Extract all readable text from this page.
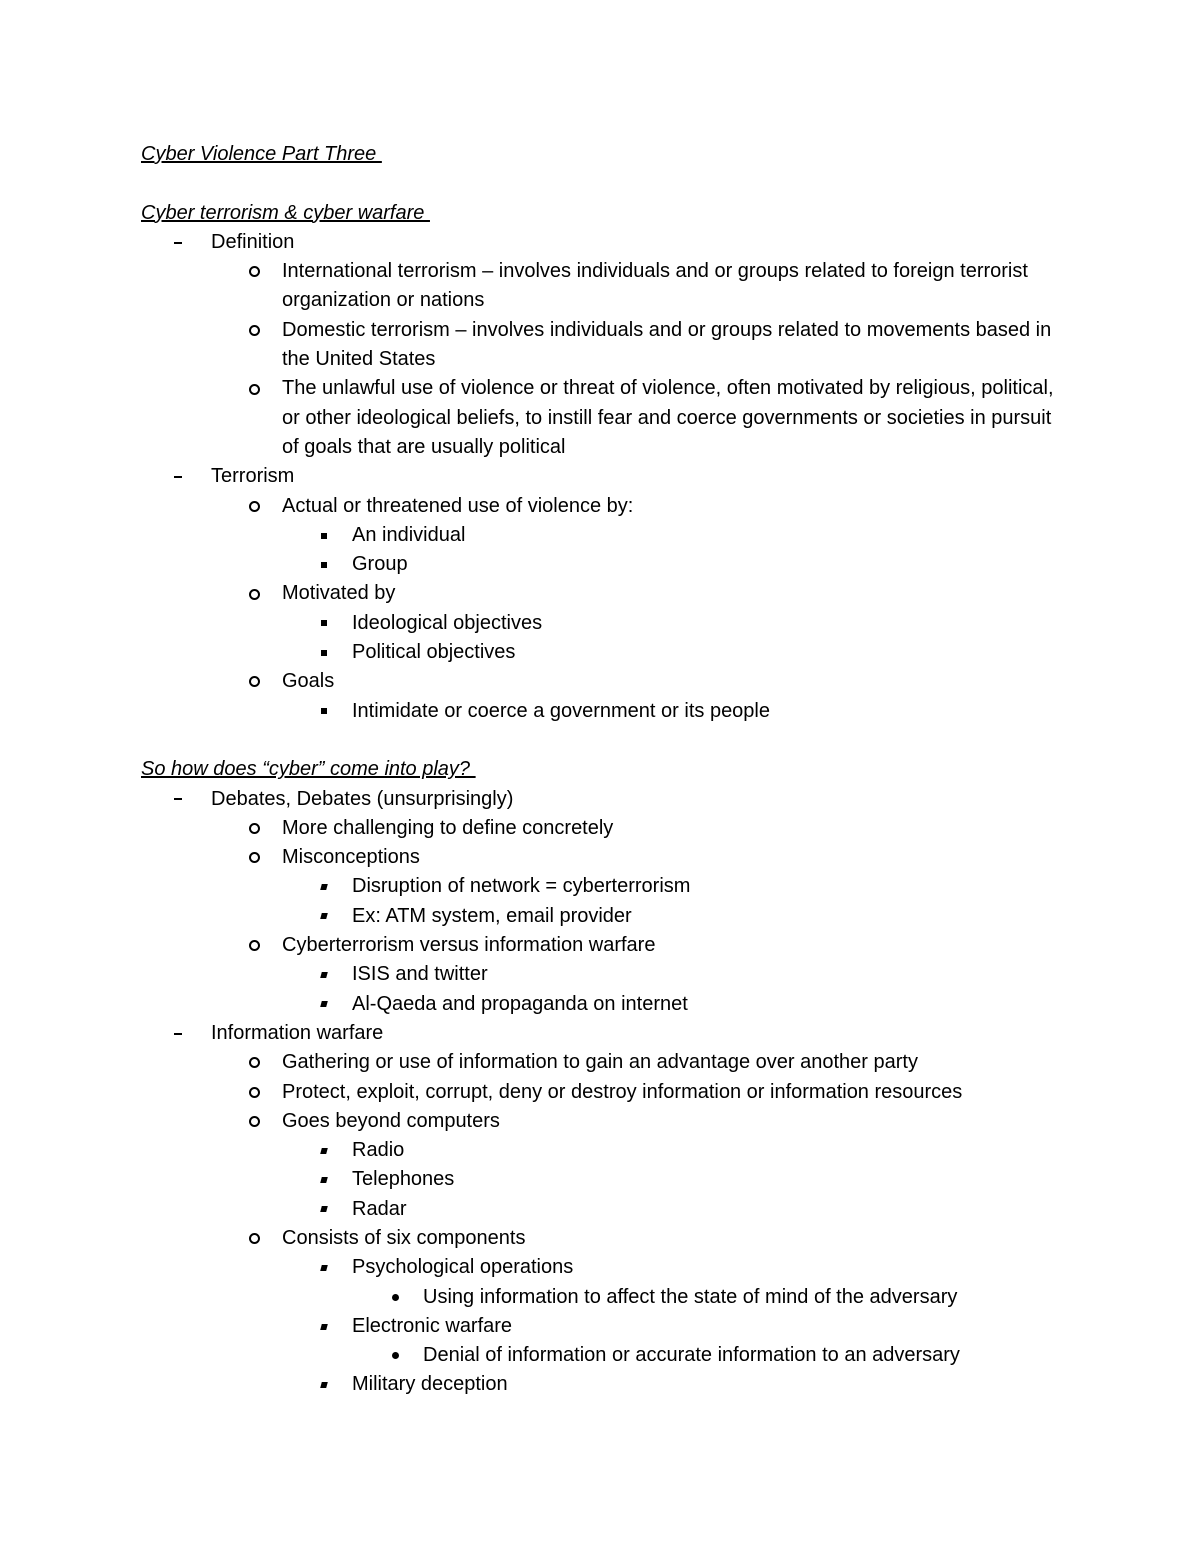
Cyber Violence Part Three
Cyber terrorism & cyber warfare
Definition
International terrorism – involves individuals and or groups related to foreign terrorist organization or nations
Domestic terrorism – involves individuals and or groups related to movements based in the United States
The unlawful use of violence or threat of violence, often motivated by religious, political, or other ideological beliefs, to instill fear and coerce governments or societies in pursuit of goals that are usually political
Terrorism
Actual or threatened use of violence by:
An individual
Group
Motivated by
Ideological objectives
Political objectives
Goals
Intimidate or coerce a government or its people
So how does “cyber” come into play?
Debates, Debates (unsurprisingly)
More challenging to define concretely
Misconceptions
Disruption of network = cyberterrorism
Ex: ATM system, email provider
Cyberterrorism versus information warfare
ISIS and twitter
Al-Qaeda and propaganda on internet
Information warfare
Gathering or use of information to gain an advantage over another party
Protect, exploit, corrupt, deny or destroy information or information resources
Goes beyond computers
Radio
Telephones
Radar
Consists of six components
Psychological operations
Using information to affect the state of mind of the adversary
Electronic warfare
Denial of information or accurate information to an adversary
Military deception
